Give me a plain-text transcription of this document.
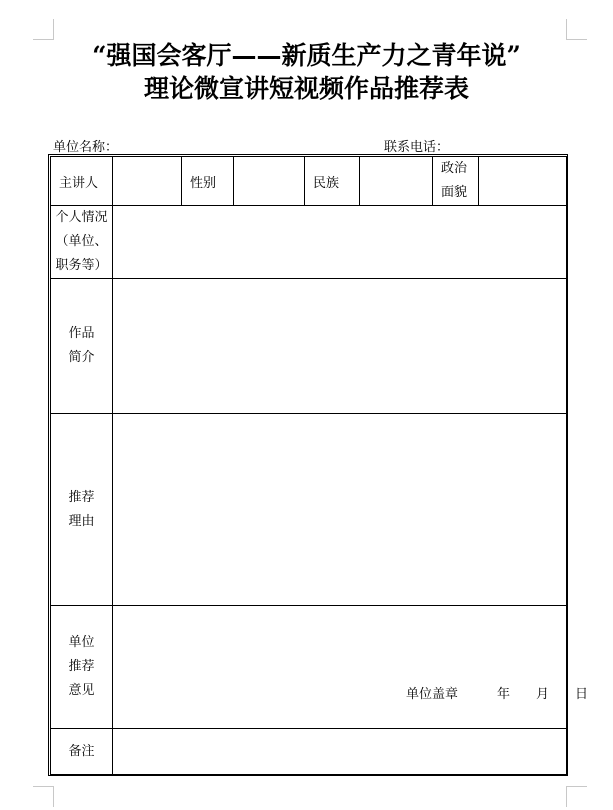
“强国会客厅——新质生产力之青年说”
理论微宣讲短视频作品推荐表
单位名称：	联系电话：
主讲人		性别		民族		政治
面貌	

个人情况
（单位、
职务等）							

作品
简介							

推荐
理由							

单位
推荐
意见	单位盖章　　　年　　月　　日						

备注							
